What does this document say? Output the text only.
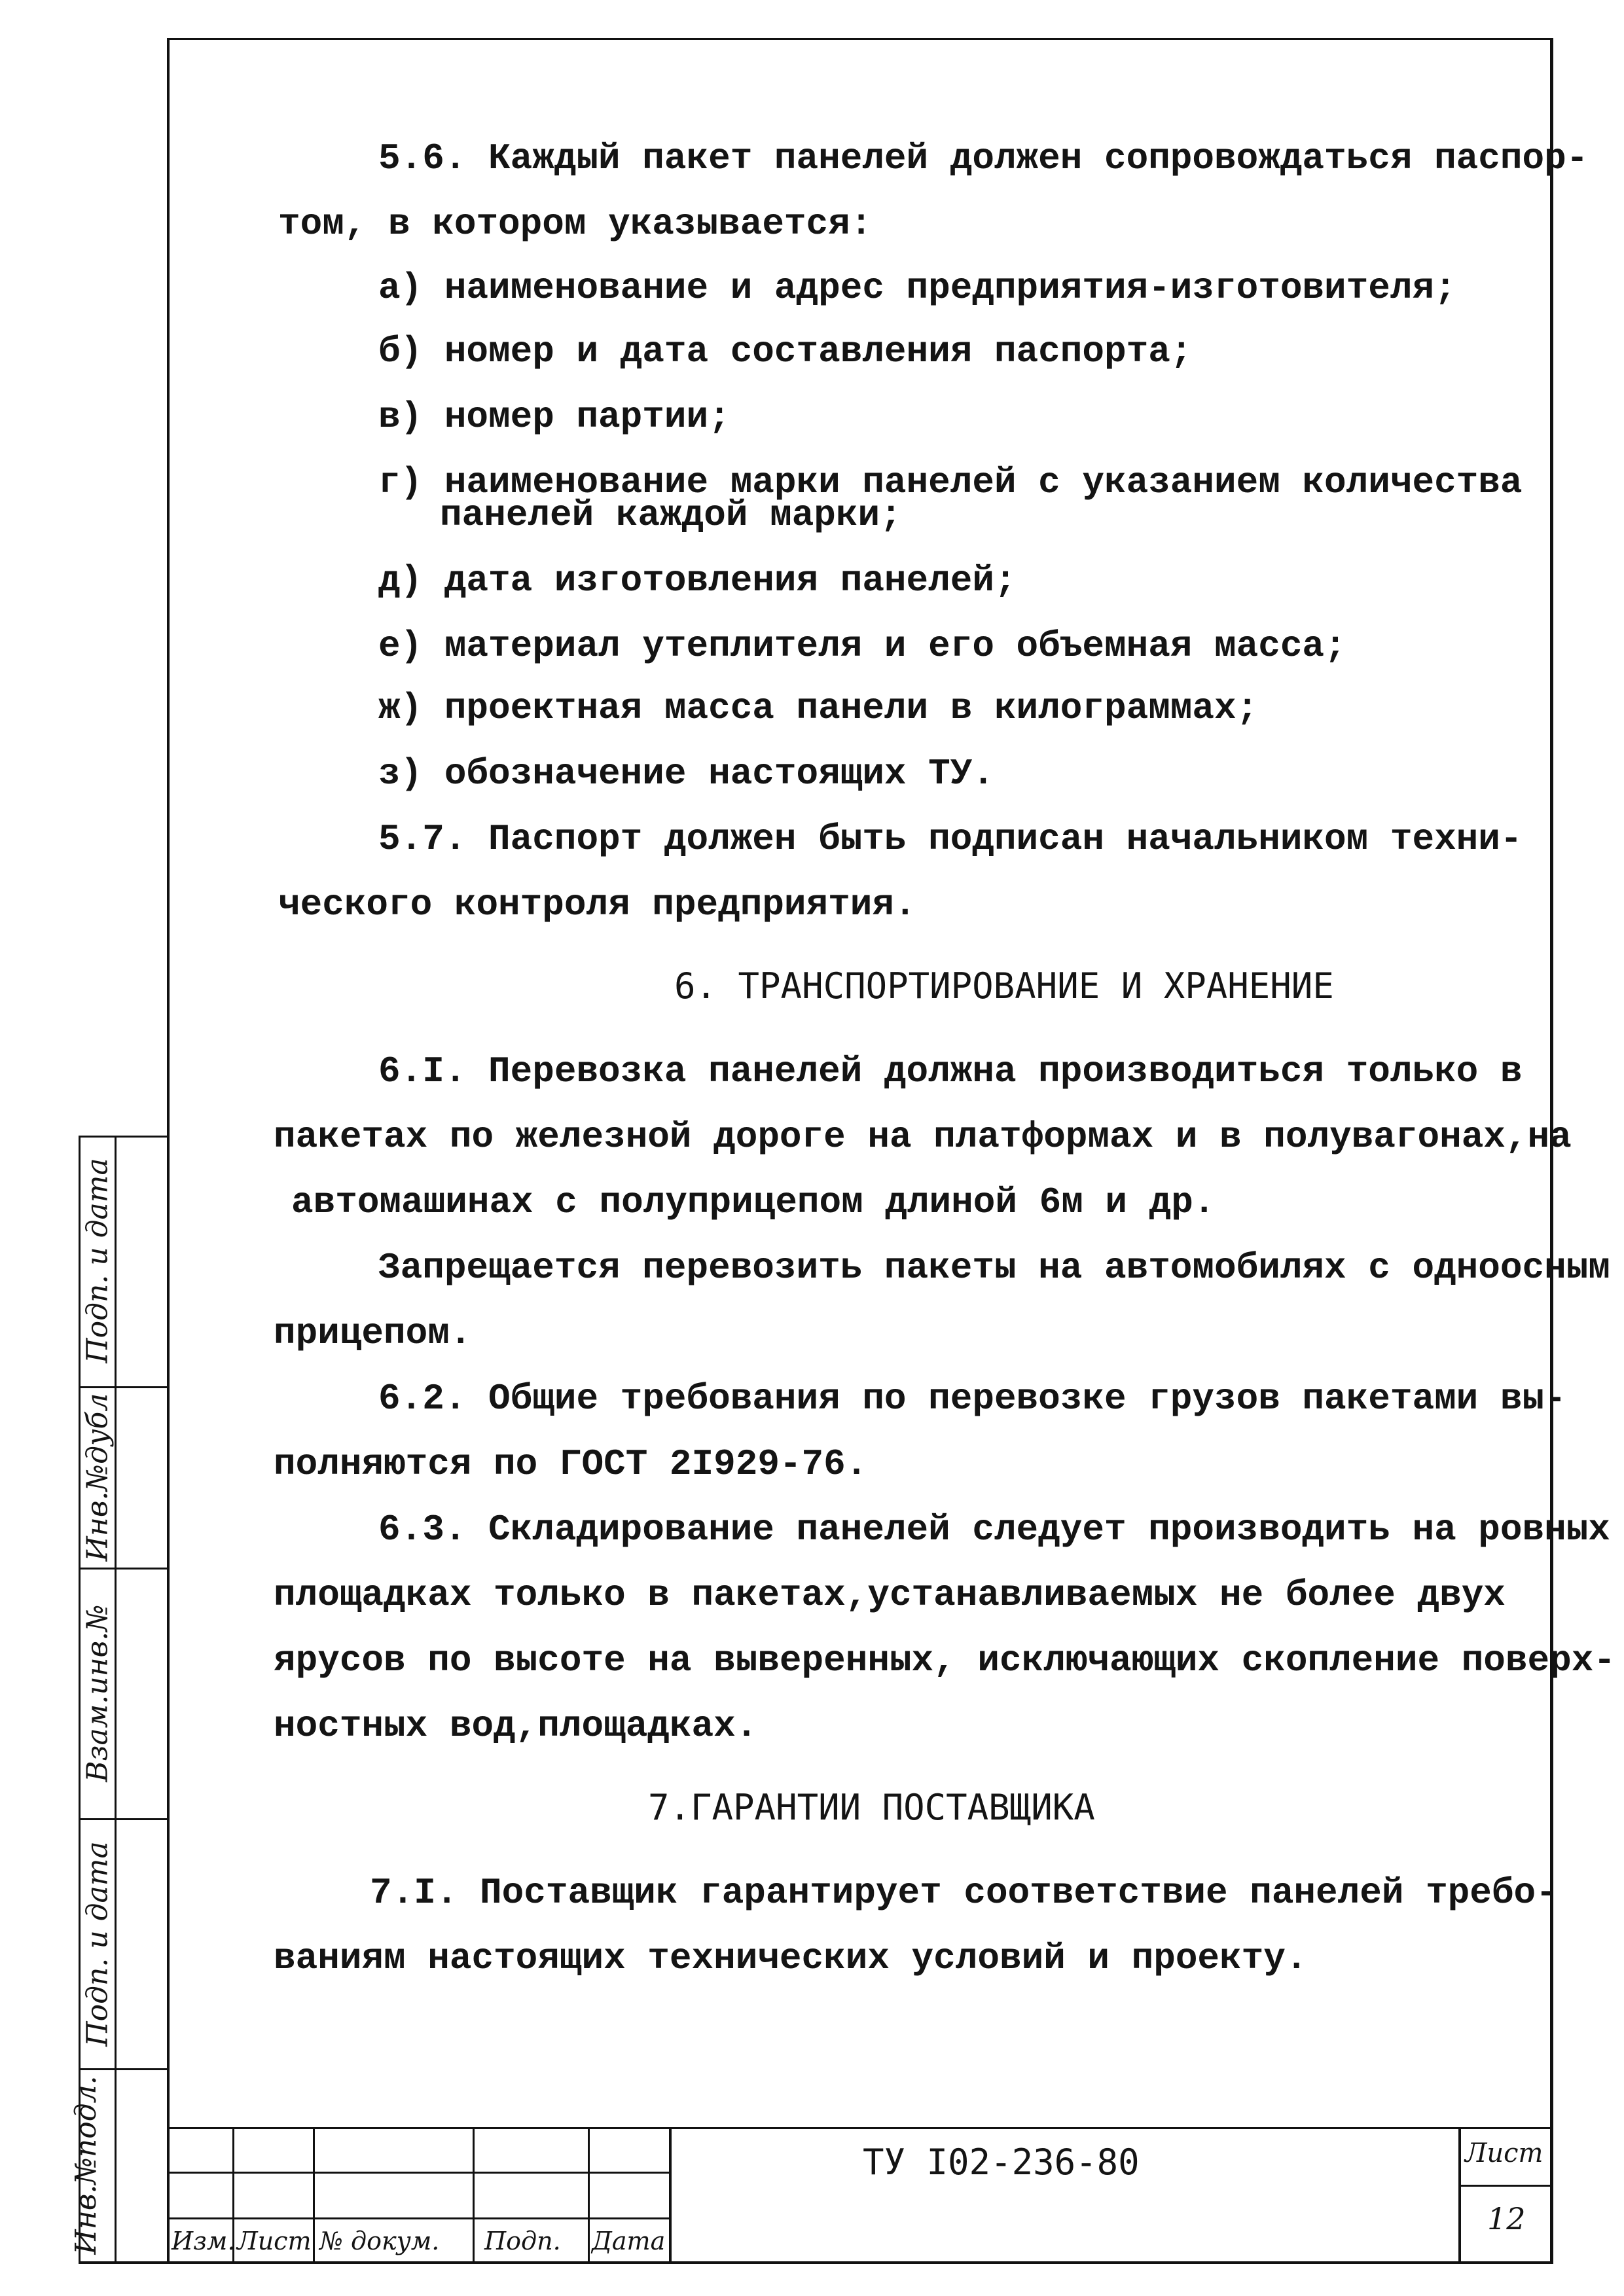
Подп. и дата
Инв.№дубл
Взам.инв.№
Подп. и дата
Инв.№подл.	Изм. Лист № докум. Подп. Дата
ТУ I02-236-80	Лист
12
5.6. Каждый пакет панелей должен сопровождаться паспор-
том, в котором указывается:
а) наименование и адрес предприятия-изготовителя;
б) номер и дата составления паспорта;
в) номер партии;
г) наименование марки панелей с указанием количества
панелей каждой марки;
д) дата изготовления панелей;
е) материал утеплителя и его объемная масса;
ж) проектная масса панели в килограммах;
з) обозначение настоящих ТУ.
5.7. Паспорт должен быть подписан начальником техни-
ческого контроля предприятия.
6. ТРАНСПОРТИРОВАНИЕ И ХРАНЕНИЕ
6.I. Перевозка панелей должна производиться только в
пакетах по железной дороге на платформах и в полувагонах,на
автомашинах с полуприцепом длиной 6м и др.
Запрещается перевозить пакеты на автомобилях с одноосным
прицепом.
6.2. Общие требования по перевозке грузов пакетами вы-
полняются по ГОСТ 2I929-76.
6.3. Складирование панелей следует производить на ровных
площадках только в пакетах,устанавливаемых не более двух
ярусов по высоте на выверенных, исключающих скопление поверх-
ностных вод,площадках.
7.ГАРАНТИИ ПОСТАВЩИКА
7.I. Поставщик гарантирует соответствие панелей требо-
ваниям настоящих технических условий и проекту.
